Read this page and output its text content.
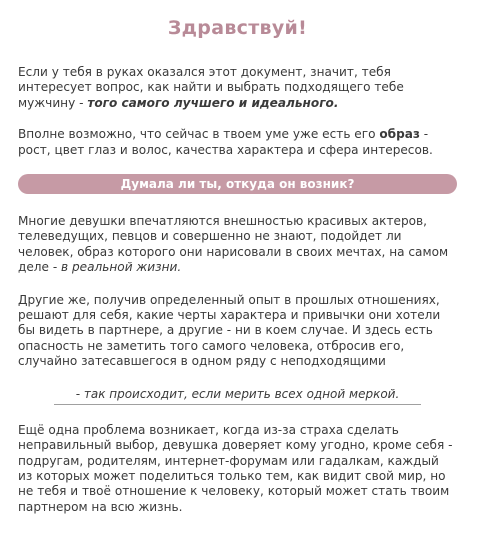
Здравствуй!

Если у тебя в руках оказался этот документ, значит, тебя интересует вопрос, как найти и выбрать подходящего тебе мужчину - того самого лучшего и идеального.

Вполне возможно, что сейчас в твоем уме уже есть его образ - рост, цвет глаз и волос, качества характера и сфера интересов.

Думала ли ты, откуда он возник?

Многие девушки впечатляются внешностью красивых актеров, телеведущих, певцов и совершенно не знают, подойдет ли человек, образ которого они нарисовали в своих мечтах, на самом деле - в реальной жизни.

Другие же, получив определенный опыт в прошлых отношениях, решают для себя, какие черты характера и привычки они хотели бы видеть в партнере, а другие - ни в коем случае. И здесь есть опасность не заметить того самого человека, отбросив его, случайно затесавшегося в одном ряду с неподходящими

- так происходит, если мерить всех одной меркой.

Ещё одна проблема возникает, когда из-за страха сделать неправильный выбор, девушка доверяет кому угодно, кроме себя - подругам, родителям, интернет-форумам или гадалкам, каждый из которых может поделиться только тем, как видит свой мир, но не тебя и твоё отношение к человеку, который может стать твоим партнером на всю жизнь.
